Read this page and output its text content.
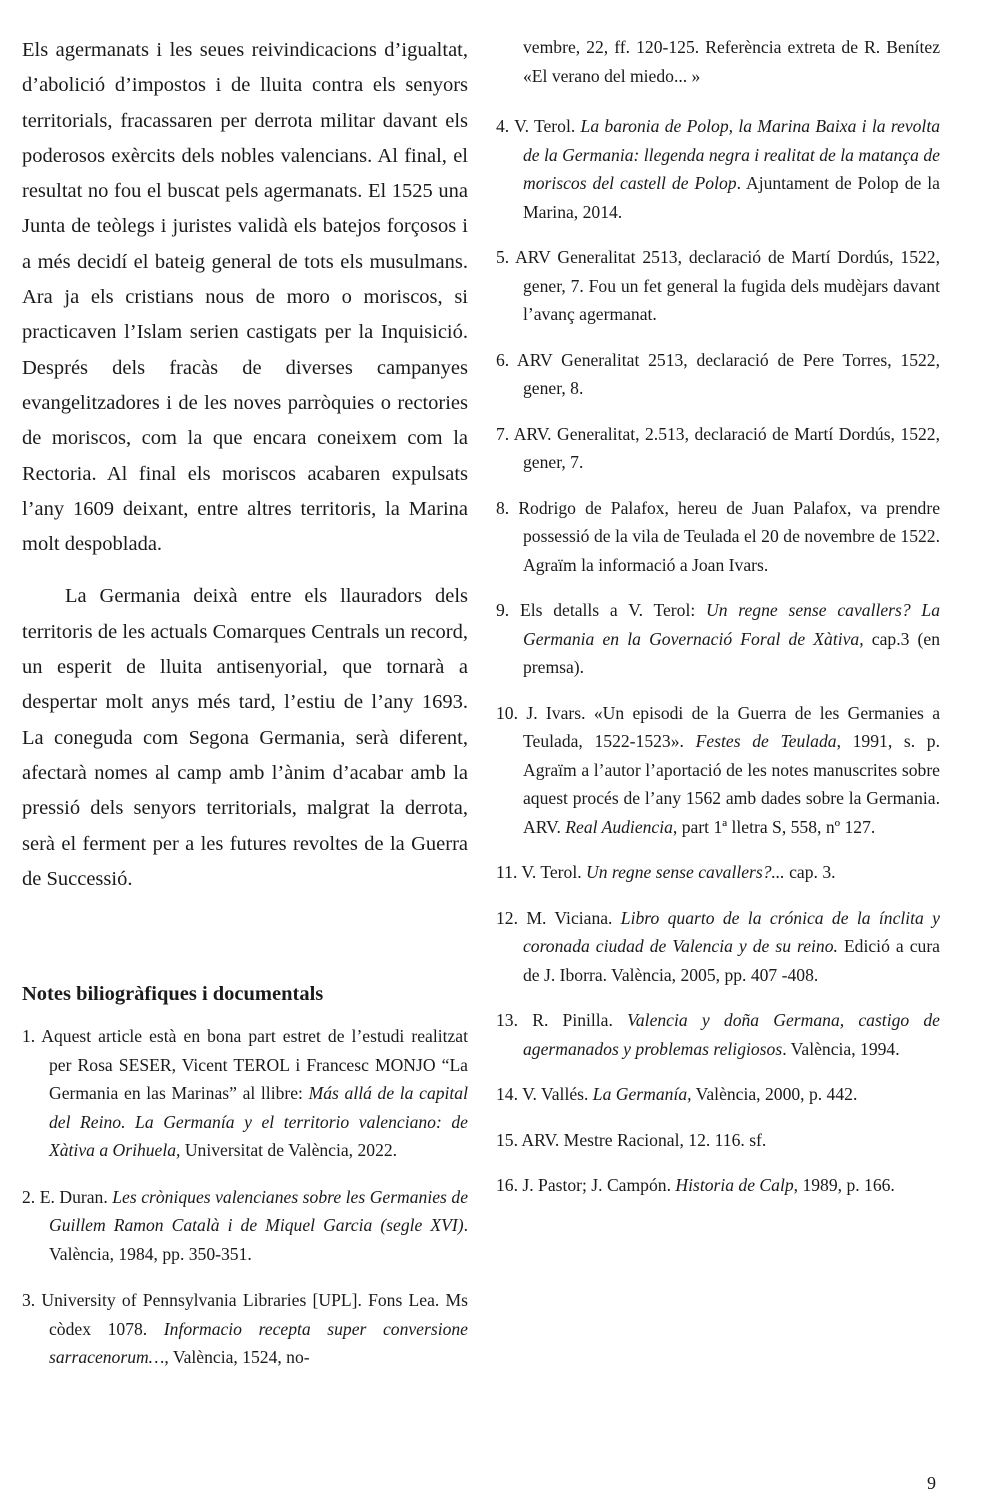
Els agermanats i les seues reivindicacions d’igualtat, d’abolició d’impostos i de lluita contra els senyors territorials, fracassaren per derrota militar davant els poderosos exèrcits dels nobles valencians. Al final, el resultat no fou el buscat pels agermanats. El 1525 una Junta de teòlegs i juristes validà els batejos forçosos i a més decidí el bateig general de tots els musulmans. Ara ja els cristians nous de moro o moriscos, si practicaven l’Islam serien castigats per la Inquisició. Després dels fracàs de diverses campanyes evangelitzadores i de les noves parròquies o rectories de moriscos, com la que encara coneixem com la Rectoria. Al final els moriscos acabaren expulsats l’any 1609 deixant, entre altres territoris, la Marina molt despoblada.

La Germania deixà entre els llauradors dels territoris de les actuals Comarques Centrals un record, un esperit de lluita antisenyorial, que tornarà a despertar molt anys més tard, l’estiu de l’any 1693. La coneguda com Segona Germania, serà diferent, afectarà nomes al camp amb l’ànim d’acabar amb la pressió dels senyors territorials, malgrat la derrota, serà el ferment per a les futures revoltes de la Guerra de Successió.

Notes biliogràfiques i documentals
1. Aquest article està en bona part estret de l’estudi realitzat per Rosa SESER, Vicent TEROL i Francesc MONJO “La Germania en las Marinas” al llibre: Más allá de la capital del Reino. La Germanía y el territorio valenciano: de Xàtiva a Orihuela, Universitat de València, 2022.
2. E. Duran. Les cròniques valencianes sobre les Germanies de Guillem Ramon Català i de Miquel Garcia (segle XVI). València, 1984, pp. 350-351.
3. University of Pennsylvania Libraries [UPL]. Fons Lea. Ms còdex 1078. Informacio recepta super conversione sarracenorum…, València, 1524, no-
vembre, 22, ff. 120-125. Referència extreta de R. Benítez «El verano del miedo... »
4. V. Terol. La baronia de Polop, la Marina Baixa i la revolta de la Germania: llegenda negra i realitat de la matança de moriscos del castell de Polop. Ajuntament de Polop de la Marina, 2014.
5. ARV Generalitat 2513, declaració de Martí Dordús, 1522, gener, 7. Fou un fet general la fugida dels mudèjars davant l’avanç agermanat.
6. ARV Generalitat 2513, declaració de Pere Torres, 1522, gener, 8.
7. ARV. Generalitat, 2.513, declaració de Martí Dordús, 1522, gener, 7.
8. Rodrigo de Palafox, hereu de Juan Palafox, va prendre possessió de la vila de Teulada el 20 de novembre de 1522. Agraïm la informació a Joan Ivars.
9. Els detalls a V. Terol: Un regne sense cavallers? La Germania en la Governació Foral de Xàtiva, cap.3 (en premsa).
10. J. Ivars. «Un episodi de la Guerra de les Germanies a Teulada, 1522-1523». Festes de Teulada, 1991, s. p. Agraïm a l’autor l’aportació de les notes manuscrites sobre aquest procés de l’any 1562 amb dades sobre la Germania. ARV. Real Audiencia, part 1ª lletra S, 558, nº 127.
11. V. Terol. Un regne sense cavallers?... cap. 3.
12. M. Viciana. Libro quarto de la crónica de la ínclita y coronada ciudad de Valencia y de su reino. Edició a cura de J. Iborra. València, 2005, pp. 407 -408.
13. R. Pinilla. Valencia y doña Germana, castigo de agermanados y problemas religiosos. València, 1994.
14. V. Vallés. La Germanía, València, 2000, p. 442.
15. ARV. Mestre Racional, 12. 116. sf.
16. J. Pastor; J. Campón. Historia de Calp, 1989, p. 166.
9
